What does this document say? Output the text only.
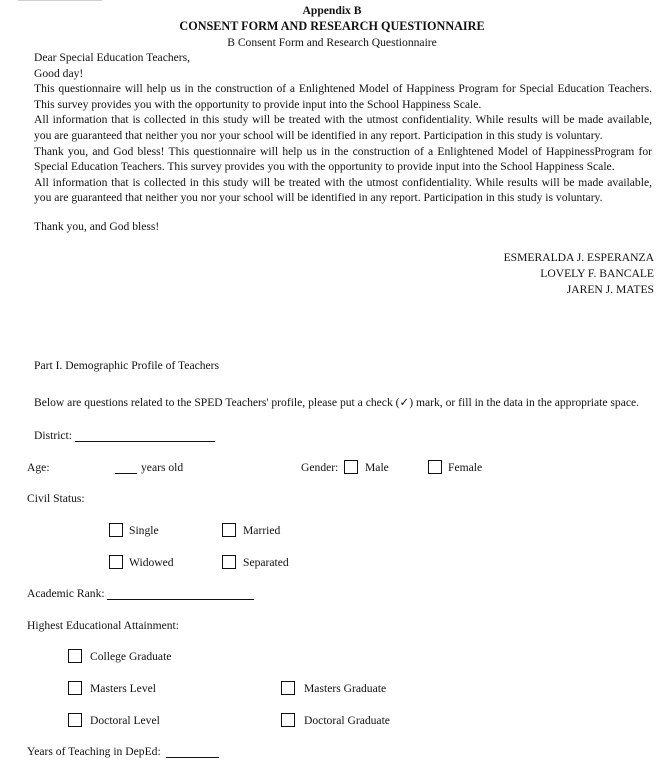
Appendix B
CONSENT FORM AND RESEARCH QUESTIONNAIRE
B Consent Form and Research Questionnaire
Dear Special Education Teachers,
Good day!
This questionnaire will help us in the construction of a Enlightened Model of Happiness Program for Special Education Teachers.
This survey provides you with the opportunity to provide input into the School Happiness Scale.
All information that is collected in this study will be treated with the utmost confidentiality. While results will be made available,
you are guaranteed that neither you nor your school will be identified in any report. Participation in this study is voluntary.
Thank you, and God bless! This questionnaire will help us in the construction of a Enlightened Model of HappinessProgram for
Special Education Teachers. This survey provides you with the opportunity to provide input into the School Happiness Scale.
All information that is collected in this study will be treated with the utmost confidentiality. While results will be made available,
you are guaranteed that neither you nor your school will be identified in any report. Participation in this study is voluntary.
Thank you, and God bless!
ESMERALDA J. ESPERANZA
LOVELY F. BANCALE
JAREN J. MATES
Part I. Demographic Profile of Teachers
Below are questions related to the SPED Teachers' profile, please put a check (✓) mark, or fill in the data in the appropriate space.
District:
Age:	years old	Gender: Male	Female
Civil Status:
Single	Married
Widowed	Separated
Academic Rank:
Highest Educational Attainment:
College Graduate
Masters Level	Masters Graduate
Doctoral Level	Doctoral Graduate
Years of Teaching in DepEd:
